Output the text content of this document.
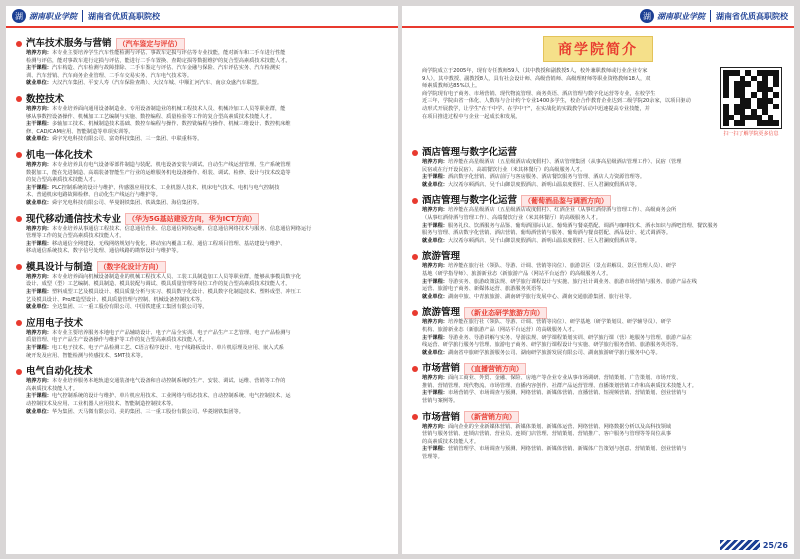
湖 湖南职业学院 湖南省优质高职院校
汽车技术服务与营销	（汽车鉴定与评估）
培养方向：本专业主要培养学生汽车性能检测与评估、事故车定损与评估等专业技能，能对新车和二手车进行性能
检测与评估，能对事故车进行定损与评估，能进行二手车置换、查勘定损等数据维护的复合型高素质技术技能人才。
主干课程：汽车构造、汽车检测与故障排除、二手车鉴定与评估、汽车金融与保险、汽车评估实务、汽车检测实
训、汽车营销、汽车商务企业管理、二手车交易实务、汽车电气技术等。
就业单位：大汉汽车集团、平安人寿（汽车保险查勘）、大汉车城、中顺汇河汽车、南京众盛汽车联盟。
数控技术
培养方向：本专业培养面向通用设备制造业、专用设备制造业的机械工程技术人员、机械冷加工人员等职业群，能
够从事数控设备操作、机械加工工艺编制与实施、数控编程、质量检验等工作的复合型高素质技术技能人才。
主干课程：多轴加工技术、机械制造技术基础、数控车编程与操作、数控铣编程与操作、机械三维设计、数控机床维
修、CAD/CAM应用、智能制造等单项实训等。
就业单位：舜宇光电科技有限公司、富奇科技集团、三一集团、中联重科等。
机电一体化技术
培养方向：本专业培养具有电气设备零部件制造与装配、机电设备安装与调试、自动生产线运营管理、生产系统管理
数据加工，能在先进制造、高端装备智能生产行业的运维服务机电设备操作、组装、调试、检修、设计与技术改造等
的复合型高素质技术技能人才。
主干课程：PLC控制系统的设计与维护、传感器应用技术、工业机器人技术、机床电气技术、电机与电气控制技
术、普通机床电路故障检修、自动化生产线运行与维护等。
就业单位：舜宇光电科技有限公司、华曼钢铁集团、铁战集团、海信集团等。
现代移动通信技术专业	（华为5G基站建设方向，华为ICT方向）
培养方向：本专业培养从事通信工程技术、信息通信营业、信息通信网络运维、信息通信网络技术与服务、信息通信网络运行
管理等工作的复合型高素质技术技能人才。
主干课程：移动通信全网建设、无线网络规划与优化、移动室内覆盖工程、通信工程项目管理、基站建设与维护、
移动通信系统技术、数字信号处理、通信线路的勘察设计与维护等。
模具设计与制造	（数字化设计方向）
培养方向：本专业培养面向机械设备制造业的机械工程技术人员、工装工具制造加工人员等职业群，能够从事模具数字化
设计、成型（型）工艺编制、模具制造、模具装配与调试、模具质量管理等岗位工作的复合型高素质技术技能人才。
主干课程：塑料成型工艺及模具设计、模具质量分析与实习、模具数字化设计、模具数字化制造技术、塑料成型、冲压工
艺及模具设计、Pro/E造型设计、模具质量管理与控制、机械设备控制技术等。
就业单位：全达集团、三一重工股份有限公司、中国铁建重工集团有限公司等。
应用电子技术
培养方向：本专业主要培养服务本地电子产品辅助设计、电子产品全实训、电子产品生产工艺管理、电子产品检测与
质量管理、电子产品生产设备操作与维护等工作的复合型高素质技术技能人才。
主干课程：电工电子技术、电子产品检测工艺、C语言程序设计、电子线路板设计、单片机原理及应用、嵌入式系
统开发及应用、智能检测与传感技术、SMT技术等。
电气自动化技术
培养方向：本专业培养服务本地轨道交通装备电气设备和自动控制系统的生产、安装、调试、运维、营销等工作的
高素质技术技能人才。
主干课程：电气控制系统的设计与维护、单片机应用技术、工业网络与组态技术、自动控制系统、电气控制技术、运
动控制技术及应用、工业机器人应用技术、智能制造控制技术等。
就业单位：华为集团、天马微有限公司、美的集团、三一重工股份有限公司、华菱钢铁集团等。
湖 湖南职业学院 湖南省优质高职院校
商学院简介
商学院成立于2005年，现有专任教师59人（其中教授和副教授5人，校外兼职教师或行业企业专家
9人），其中教授、副教授8人，具有社会设计师、高级营销师、高级理财师等职业资格教师18人，双
师素质教师达85%以上。
商学院现有电子商务、市场营销、现代物流管理、商务英语、酒店管理与数字化运营等专业，在校学生
近三年，学院由省一体化、人数每与合计约个专业1400多学生，校企合作教育企业达到二级学院20余家，以项目驱动
动形式开展教学，让学生"在干中学、在学中干"，在实战化的实践教学活动中迅速提高专业技能，并
在项目推进过程中与企业一起成长和发展。
扫一扫了解学院更多信息
酒店管理与数字化运营
培养方向：培养能在高星级酒店（五星级酒店或度假村）、酒店管理集团（从事高星级酒店管理工作）、民宿（管理
民宿或在行开设民宿）、高端餐饮行业（米其林餐厅）的高级服务人才。
主干课程：酒店数字化营销、酒店前厅与客房服务、酒店餐饮服务与管理、酒店人力资源管理等。
就业单位：大汉希尔顿酒店、吴千山御景度假酒店、新明山温泉度假村、巨人君澜度假酒店等。
酒店管理与数字化运营	（葡萄酒品鉴与调酒方向）
培养方向：培养能在高星级酒店（五星级酒店或度假村）、红酒企业（从事红酒侍酒与管理工作）、高级商务会所
（从事红酒侍酒与管理工作）、高端餐饮行业（米其林餐厅）的高级服务人才。
主干课程：服务礼仪、饮酒服务与品鉴、葡萄酒国际认证、葡萄酒与餐桌搭配、调酒与咖啡技术、酒水知识与酒吧管理、餐饮服务
服务与管理、酒店数字化营销、酒店营销、葡萄酒营销与服务、葡萄酒与餐食搭配、酒品设计、花式调酒等。
就业单位：大汉希尔顿酒店、吴千山御景度假酒店、新明山温泉度假村、巨人君澜度假酒店等。
旅游管理
培养方向：培养能在旅行社（领队、导游、计调、营销等岗位）、旅游景区（景点讲解员、景区管理人员）、研学
基地（研学指导师）、旅游新业态（新旅游产品（网站平台运营）的高级服务人才。
主干课程：导游实务、旅游政策法规、研学旅行课程设计与实施、旅行社计调业务、旅游市场营销与服务、旅游产品在线
运营、旅游电子商务、新媒体运营、旅游服务英语等。
就业单位：湖南中旅、中青旅旅游、湖南研学旅行发展中心、湖南交通旅游集团、旅行社等。
旅游管理	（新业态研学旅游方向）
培养方向：培养能在旅行社（领队、导游、计调、营销等岗位）、研学基地（研学策划员、研学辅导员）、研学
机构、旅游新业态（新旅游产品（网站平台运营）的高级服务人才。
主干课程：导游业务、导游讲解与实务、导游法规、研学课程策划实训、研学旅行课（营）地服务与管理、旅游产品在
线运营、研学旅行服务与管理、旅游电子商务、研学旅行课程设计与实施、研学旅行服务营销、旅游服务英语等。
就业单位：湖南省中旅研学旅游服务公司、湖南研学旅游发展有限公司、湖南旅游研学旅行服务中心等。
市场营销	（直播营销方向）
培养方向：面向工商业、外贸、金融、保险、房地产等企业专业从事市场调研、营销策划、广告策划、市场开发、
推销、营销管理、现代物流、市场管理、直播内容创作、社群产品运营管理、直播策划营销工作和高素质技术技能人才。
主干课程：市场营销学、市场调查与预测、网络营销、新媒体营销、直播营销、短视频营销、营销策划、创业营销与
营销与案例等。
市场营销	（新营销方向）
培养方向：面向企业的全业新媒体营销、新媒体策划、新媒体运营、网络营销、网络数据分析以及高科技领域
营销与服务营销、连锁店营销、营业员、连锁门店管理、营销策划、营销推广、客户服务与管理等等岗位从事
的高素质技术技能人才。
主干课程：营销管理学、市场调查与预测、网络营销、新媒体营销、新媒体广告策划与创意、营销策划、创业营销与
管理等。
25/26
